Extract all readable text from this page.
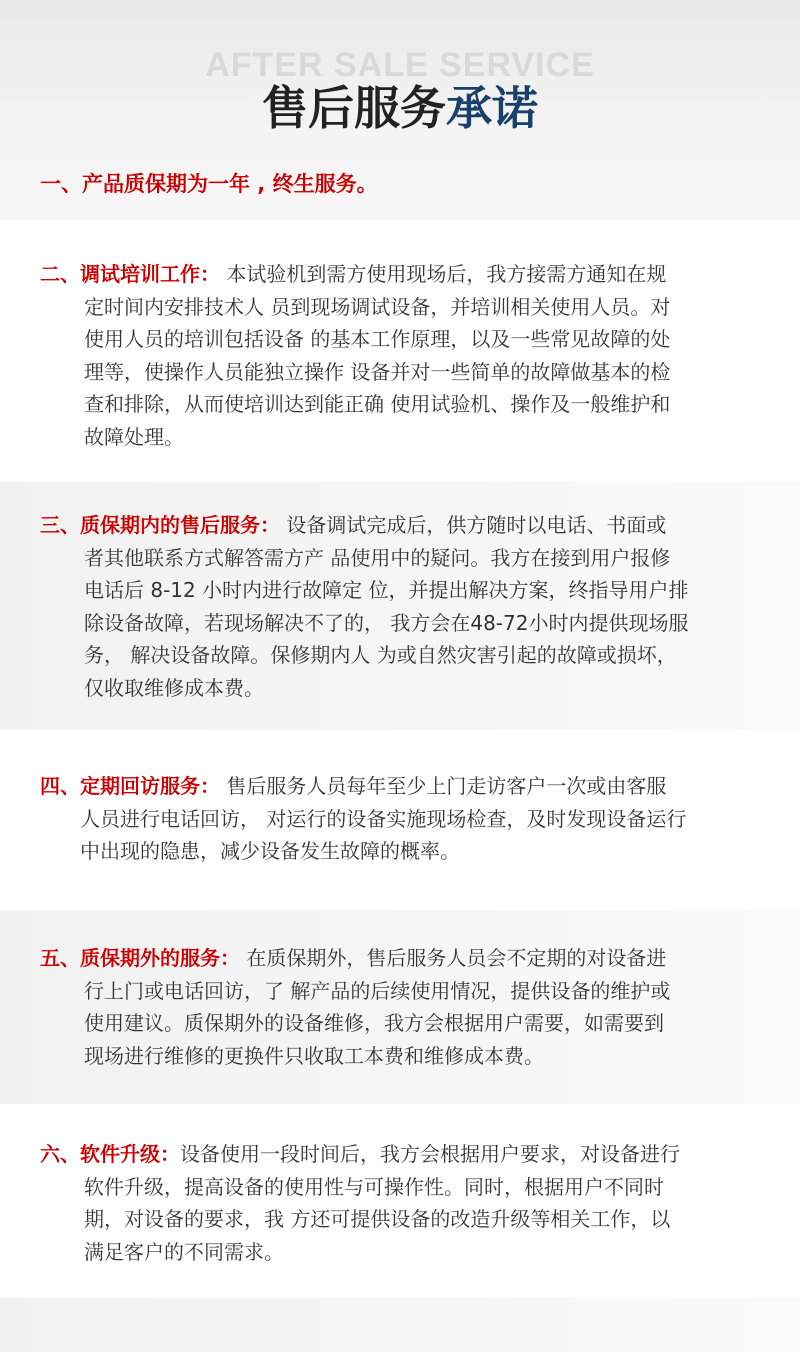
AFTER SALE SERVICE
售后服务承诺
一、产品质保期为一年 , 终生服务。
二、调试培训工作： 本试验机到需方使用现场后，我方接需方通知在规
定时间内安排技术人 员到现场调试设备，并培训相关使用人员。对
使用人员的培训包括设备 的基本工作原理，以及一些常见故障的处
理等，使操作人员能独立操作 设备并对一些简单的故障做基本的检
查和排除，从而使培训达到能正确 使用试验机、操作及一般维护和
故障处理。
三、质保期内的售后服务： 设备调试完成后，供方随时以电话、书面或
者其他联系方式解答需方产 品使用中的疑问。我方在接到用户报修
电话后 8-12 小时内进行故障定 位，并提出解决方案，终指导用户排
除设备故障，若现场解决不了的， 我方会在48-72小时内提供现场服
务， 解决设备故障。保修期内人 为或自然灾害引起的故障或损坏，
仅收取维修成本费。
四、定期回访服务： 售后服务人员每年至少上门走访客户一次或由客服
人员进行电话回访， 对运行的设备实施现场检查，及时发现设备运行
中出现的隐患，减少设备发生故障的概率。
五、质保期外的服务： 在质保期外，售后服务人员会不定期的对设备进
行上门或电话回访，了 解产品的后续使用情况，提供设备的维护或
使用建议。质保期外的设备维修，我方会根据用户需要，如需要到
现场进行维修的更换件只收取工本费和维修成本费。
六、软件升级：设备使用一段时间后，我方会根据用户要求，对设备进行
软件升级，提高设备的使用性与可操作性。同时，根据用户不同时
期，对设备的要求，我 方还可提供设备的改造升级等相关工作，以
满足客户的不同需求。
